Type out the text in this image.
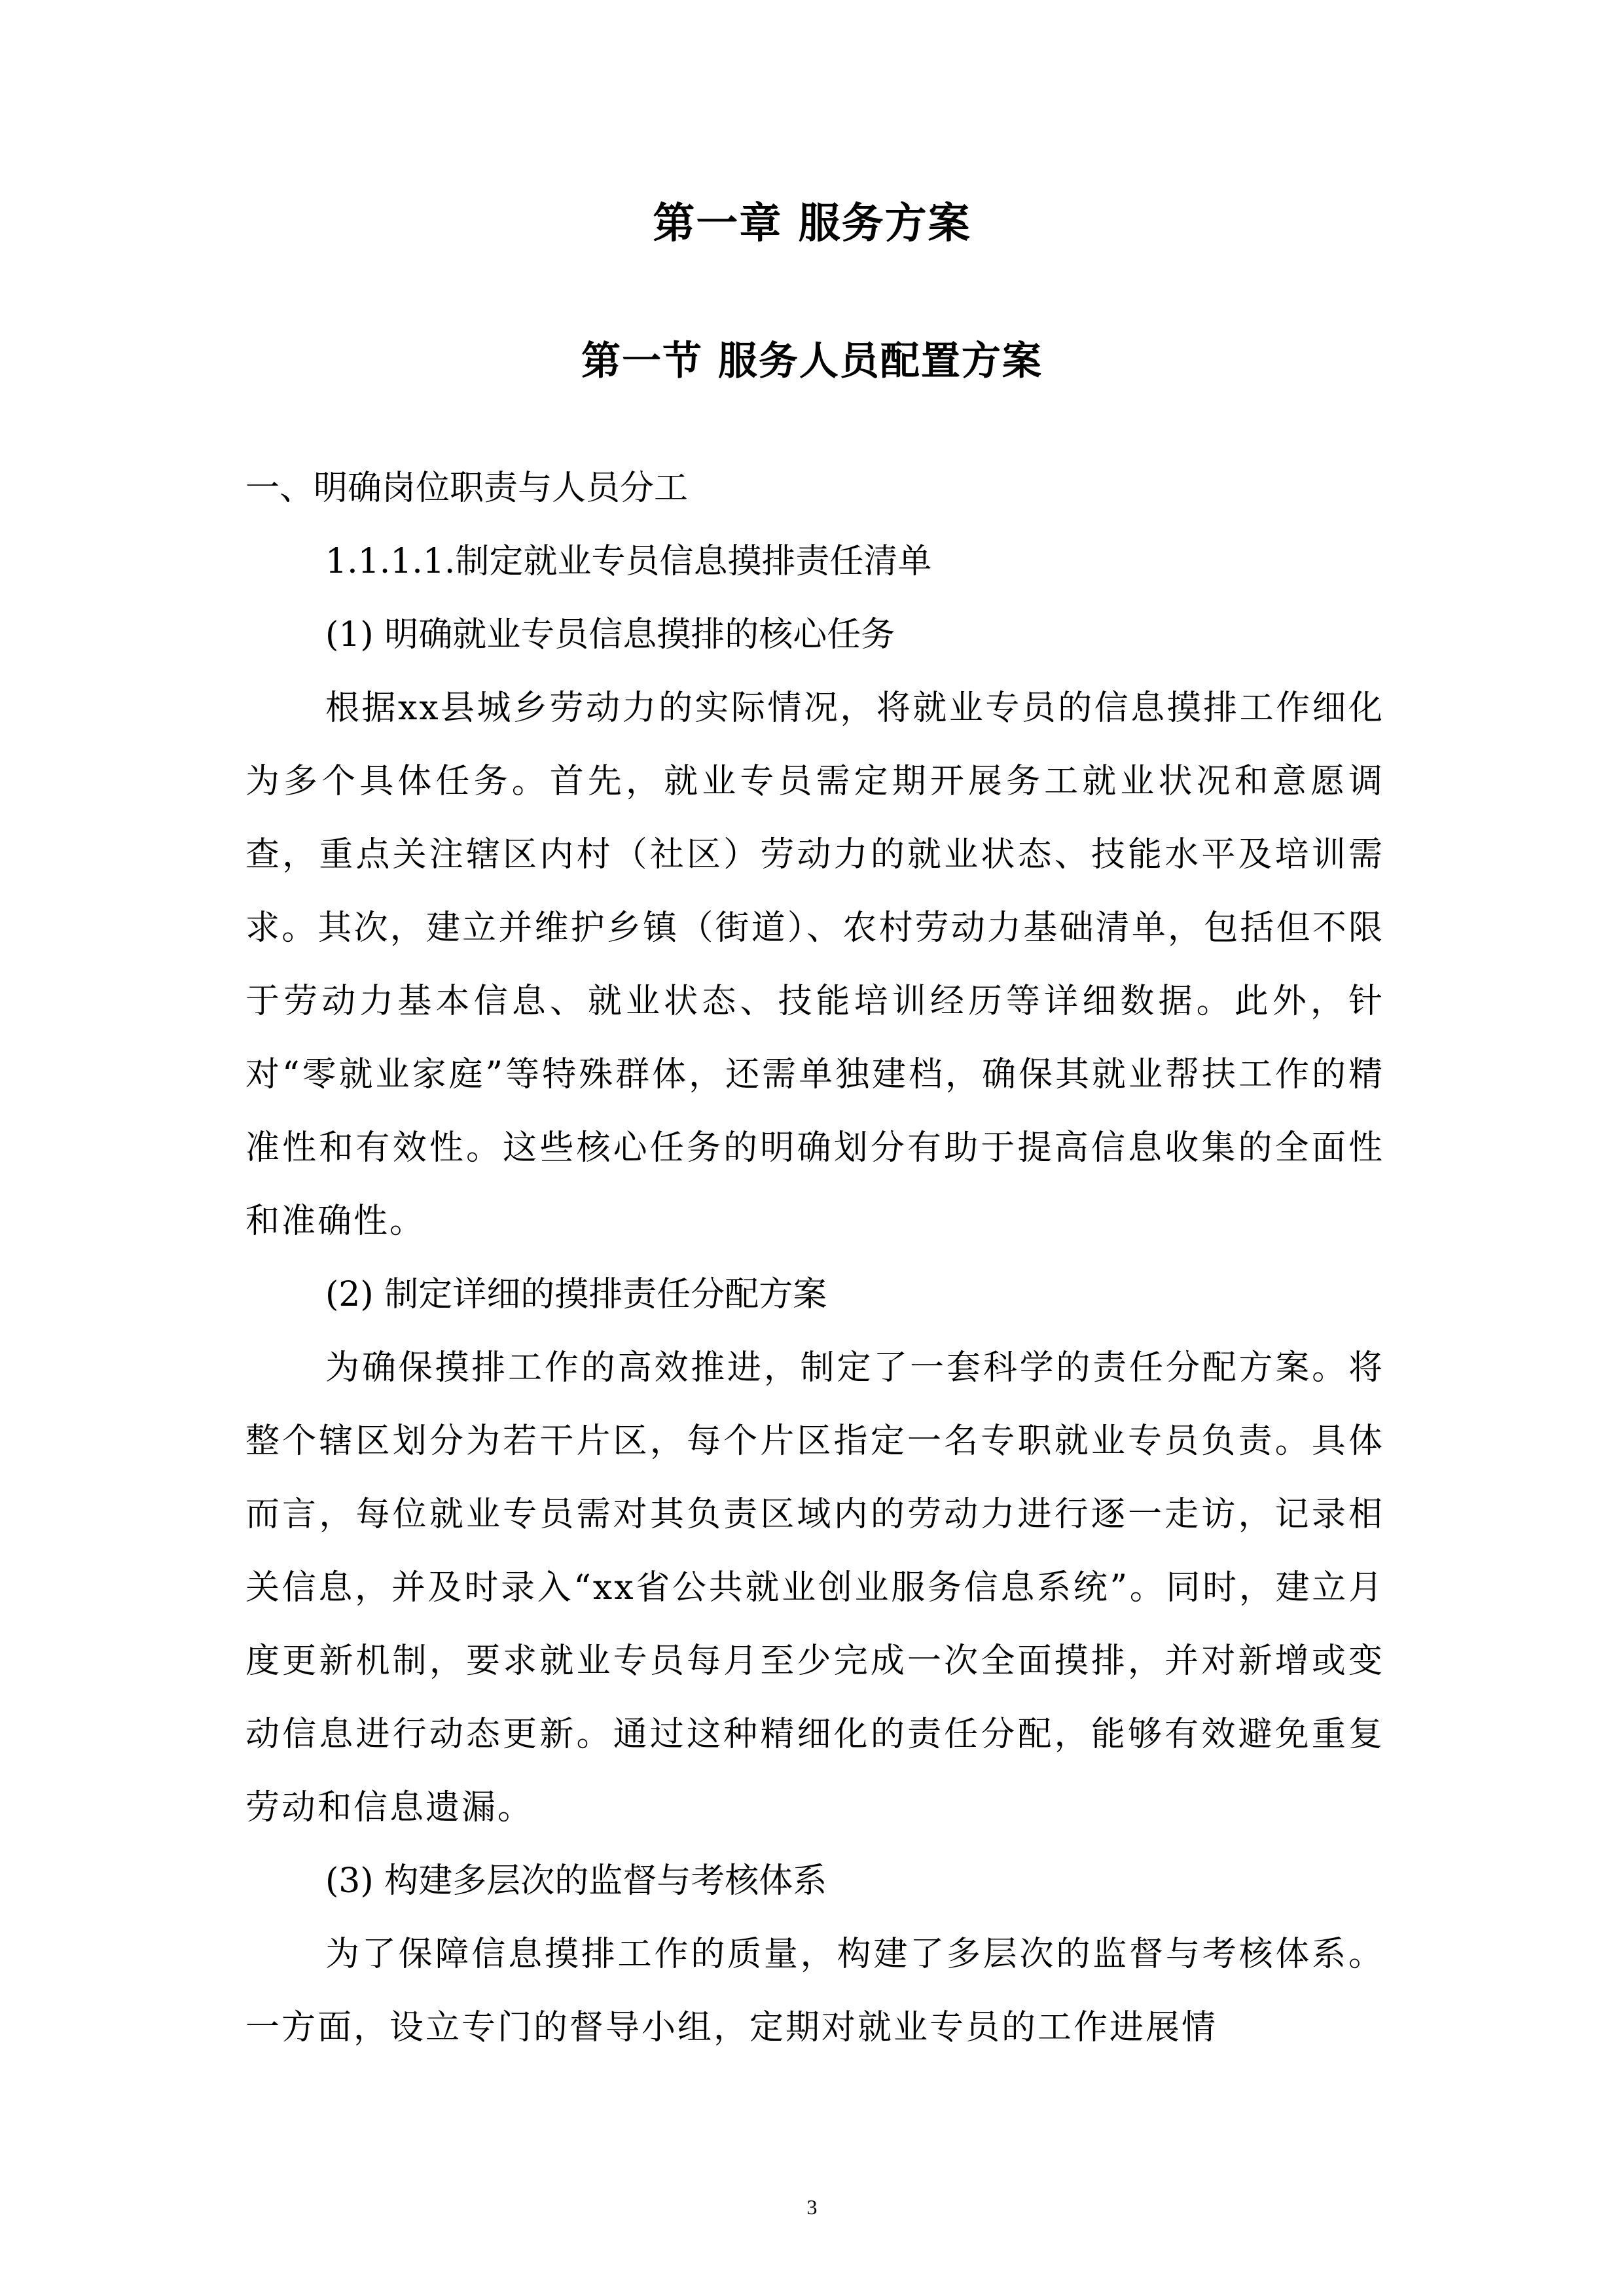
第一章 服务方案
第一节 服务人员配置方案

一、明确岗位职责与人员分工

1.1.1.1.制定就业专员信息摸排责任清单

(1) 明确就业专员信息摸排的核心任务

根据xx县城乡劳动力的实际情况，将就业专员的信息摸排工作细化为多个具体任务。首先，就业专员需定期开展务工就业状况和意愿调查，重点关注辖区内村（社区）劳动力的就业状态、技能水平及培训需求。其次，建立并维护乡镇（街道）、农村劳动力基础清单，包括但不限于劳动力基本信息、就业状态、技能培训经历等详细数据。此外，针对“零就业家庭”等特殊群体，还需单独建档，确保其就业帮扶工作的精准性和有效性。这些核心任务的明确划分有助于提高信息收集的全面性和准确性。

(2) 制定详细的摸排责任分配方案

为确保摸排工作的高效推进，制定了一套科学的责任分配方案。将整个辖区划分为若干片区，每个片区指定一名专职就业专员负责。具体而言，每位就业专员需对其负责区域内的劳动力进行逐一走访，记录相关信息，并及时录入“xx省公共就业创业服务信息系统”。同时，建立月度更新机制，要求就业专员每月至少完成一次全面摸排，并对新增或变动信息进行动态更新。通过这种精细化的责任分配，能够有效避免重复劳动和信息遗漏。

(3) 构建多层次的监督与考核体系

为了保障信息摸排工作的质量，构建了多层次的监督与考核体系。一方面，设立专门的督导小组，定期对就业专员的工作进展情

3
